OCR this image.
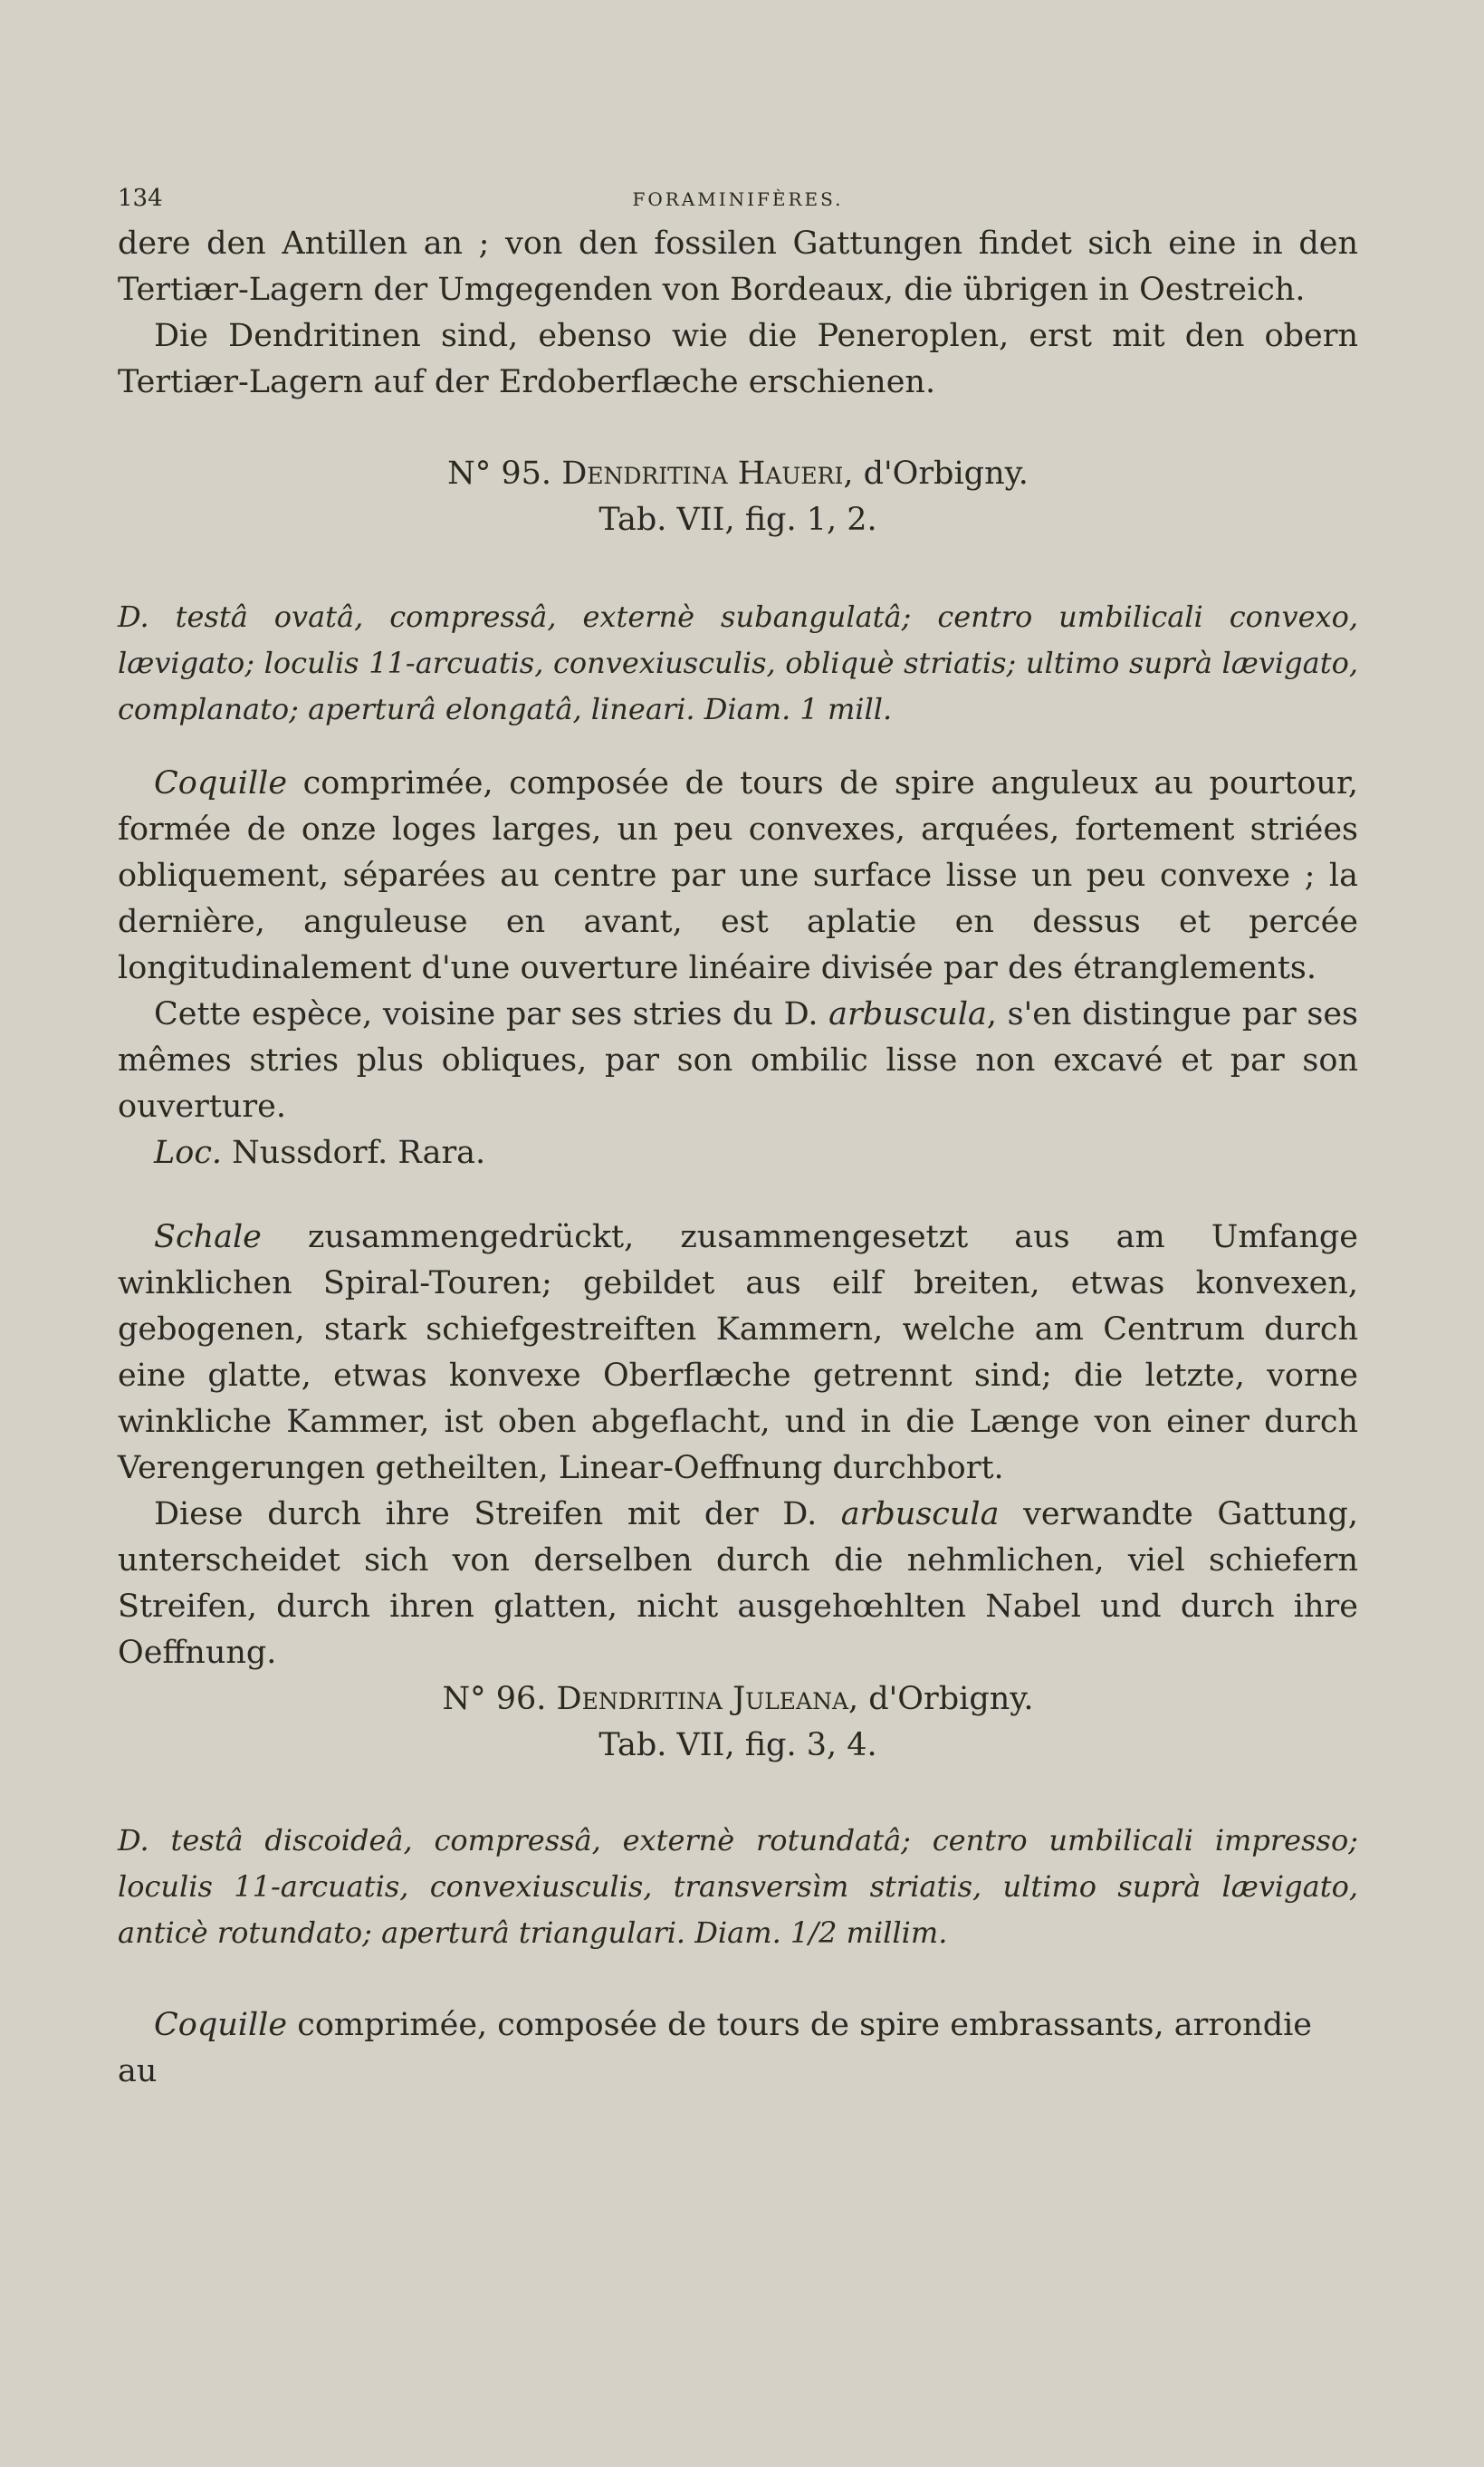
134	FORAMINIFÈRES.

dere den Antillen an ; von den fossilen Gattungen findet sich eine in den Tertiær-Lagern der Umgegenden von Bordeaux, die übrigen in Oestreich.

Die Dendritinen sind, ebenso wie die Peneroplen, erst mit den obern Tertiær-Lagern auf der Erdoberflæche erschienen.

N° 95. Dendritina Haueri, d'Orbigny.

Tab. VII, fig. 1, 2.

D. testâ ovatâ, compressâ, externè subangulatâ; centro umbilicali convexo, lævigato; loculis 11-arcuatis, convexiusculis, obliquè striatis; ultimo suprà lævigato, complanato; aperturâ elongatâ, lineari. Diam. 1 mill.

Coquille comprimée, composée de tours de spire anguleux au pourtour, formée de onze loges larges, un peu convexes, arquées, fortement striées obliquement, séparées au centre par une surface lisse un peu convexe ; la dernière, anguleuse en avant, est aplatie en dessus et percée longitudinalement d'une ouverture linéaire divisée par des étranglements.

Cette espèce, voisine par ses stries du D. arbuscula, s'en distingue par ses mêmes stries plus obliques, par son ombilic lisse non excavé et par son ouverture.

Loc. Nussdorf. Rara.

Schale zusammengedrückt, zusammengesetzt aus am Umfange winklichen Spiral-Touren; gebildet aus eilf breiten, etwas konvexen, gebogenen, stark schiefgestreiften Kammern, welche am Centrum durch eine glatte, etwas konvexe Oberflæche getrennt sind; die letzte, vorne winkliche Kammer, ist oben abgeflacht, und in die Længe von einer durch Verengerungen getheilten, Linear-Oeffnung durchbort.

Diese durch ihre Streifen mit der D. arbuscula verwandte Gattung, unterscheidet sich von derselben durch die nehmlichen, viel schiefern Streifen, durch ihren glatten, nicht ausgehœhlten Nabel und durch ihre Oeffnung.

N° 96. Dendritina Juleana, d'Orbigny.

Tab. VII, fig. 3, 4.

D. testâ discoideâ, compressâ, externè rotundatâ; centro umbilicali impresso; loculis 11-arcuatis, convexiusculis, transversìm striatis, ultimo suprà lævigato, anticè rotundato; aperturâ triangulari. Diam. 1/2 millim.

Coquille comprimée, composée de tours de spire embrassants, arrondie au
